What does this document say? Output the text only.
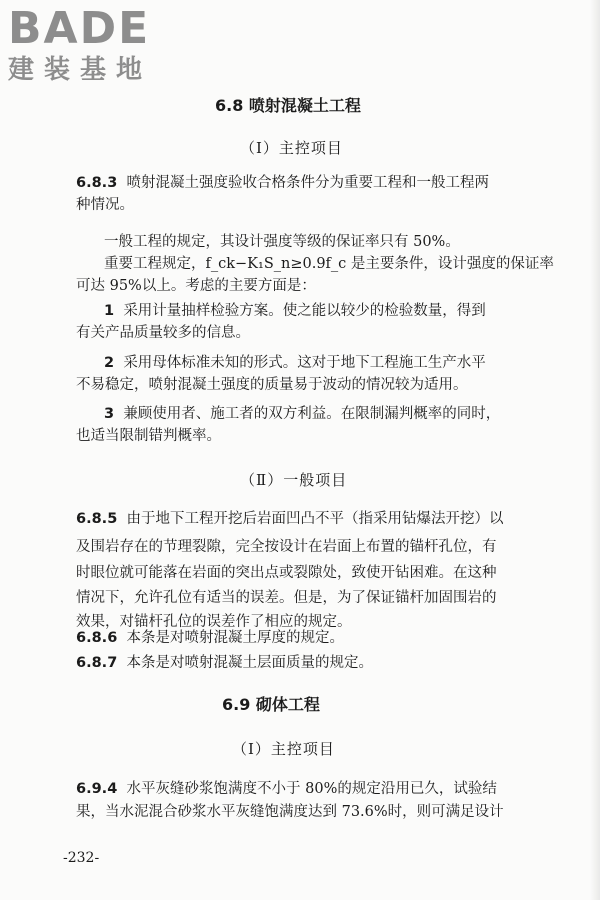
BADE
建装基地
6.8 喷射混凝土工程
（Ⅰ）主控项目
6.8.3 喷射混凝土强度验收合格条件分为重要工程和一般工程两
种情况。
一般工程的规定，其设计强度等级的保证率只有 50%。
重要工程规定，f_ck−K₁S_n≥0.9f_c 是主要条件，设计强度的保证率
可达 95%以上。考虑的主要方面是：
1 采用计量抽样检验方案。使之能以较少的检验数量，得到
有关产品质量较多的信息。
2 采用母体标准未知的形式。这对于地下工程施工生产水平
不易稳定，喷射混凝土强度的质量易于波动的情况较为适用。
3 兼顾使用者、施工者的双方利益。在限制漏判概率的同时，
也适当限制错判概率。
（Ⅱ）一般项目
6.8.5 由于地下工程开挖后岩面凹凸不平（指采用钻爆法开挖）以
及围岩存在的节理裂隙，完全按设计在岩面上布置的锚杆孔位，有
时眼位就可能落在岩面的突出点或裂隙处，致使开钻困难。在这种
情况下，允许孔位有适当的误差。但是，为了保证锚杆加固围岩的
效果，对锚杆孔位的误差作了相应的规定。
6.8.6 本条是对喷射混凝土厚度的规定。
6.8.7 本条是对喷射混凝土层面质量的规定。
6.9 砌体工程
（Ⅰ）主控项目
6.9.4 水平灰缝砂浆饱满度不小于 80%的规定沿用已久，试验结
果，当水泥混合砂浆水平灰缝饱满度达到 73.6%时，则可满足设计
-232-
